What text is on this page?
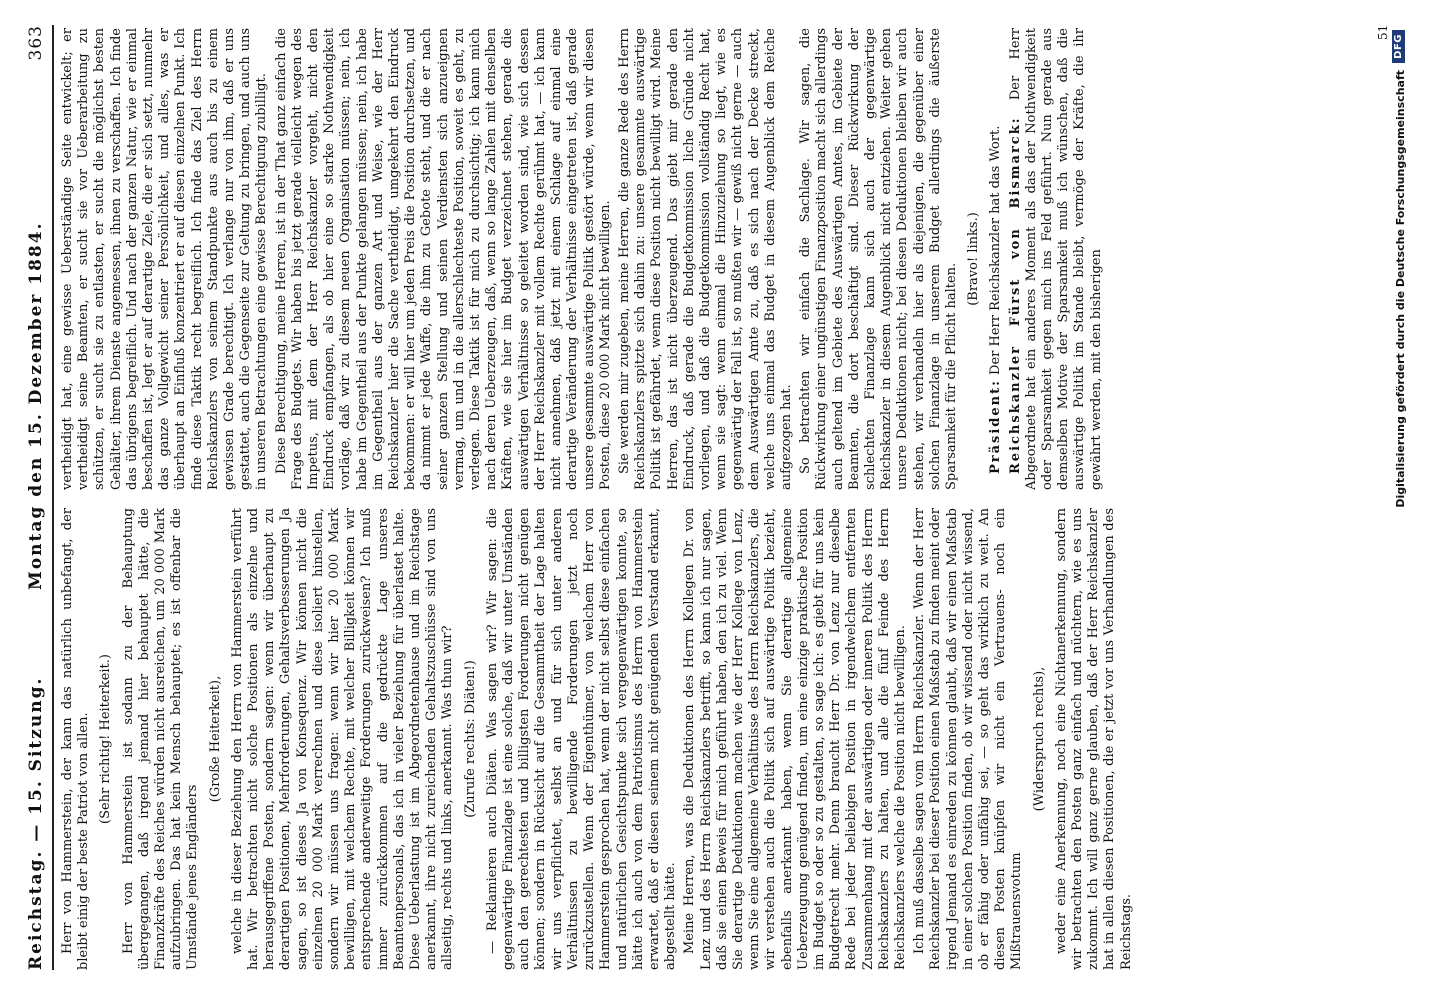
Reichstag. — 15. Sitzung.
Montag den 15. Dezember 1884.
363

Herr von Hammerstein, der kann das natürlich unbefangt, der bleibt einig der beste Patriot von allen. (Sehr richtig! Heiterkeit.) Herr von Hammerstein ist sodann zu der Behauptung übergegangen, daß irgend jemand hier behauptet hätte, die Finanzkräfte des Reiches würden nicht ausreichen, um 20 000 Mark aufzubringen. Das hat kein Mensch behauptet; es ist offenbar die Umstände jenes Engländers

(Große Heiterkeit), welche in dieser Beziehung den Herrn von Hammerstein verführt hat. Wir betrachten nicht solche Positionen als einzelne und herausgegriffene Posten, sondern sagen: wenn wir überhaupt zu derartigen Positionen, Mehrforderungen, Gehaltsverbesserungen Ja sagen, so ist dieses Ja von Konsequenz. Wir können nicht die einzelnen 20 000 Mark verrechnen und diese isoliert hinstellen, sondern wir müssen uns fragen: wenn wir hier 20 000 Mark bewilligen, mit welchem Rechte, mit welcher Billigkeit können wir entsprechende anderweitige Forderungen zurückweisen? Ich muß immer zurückkommen auf die gedrückte Lage unseres Beamtenpersonals, das ich in vieler Beziehung für überlastet halte. Diese Ueberlastung ist im Abgeordnetenhause und im Reichstage anerkannt, ihre nicht zureichenden Gehaltszuschüsse sind von uns allseitig, rechts und links, anerkannt. Was thun wir? (Zurufe rechts: Diäten!) — Reklamieren auch Diäten. Was sagen wir? Wir sagen: die gegenwärtige Finanzlage ist eine solche, daß wir unter Umständen auch den gerechtesten und billigsten Forderungen nicht genügen können; sondern in Rücksicht auf die Gesammtheit der Lage halten wir uns verpflichtet, selbst an und für sich unter anderen Verhältnissen zu bewilligende Forderungen jetzt noch zurückzustellen. Wenn der Eigenthümer, von welchem Herr von Hammerstein gesprochen hat, wenn der nicht selbst diese einfachen und natürlichen Gesichtspunkte sich vergegenwärtigen konnte, so hätte ich auch von dem Patriotismus des Herrn von Hammerstein erwartet, daß er diesen seinem nicht genügenden Verstand erkannt, abgestellt hätte. Meine Herren, was die Deduktionen des Herrn Kollegen Dr. von Lenz und des Herrn Reichskanzlers betrifft, so kann ich nur sagen, daß sie einen Beweis für mich geführt haben, den ich zu viel. Wenn Sie derartige Deduktionen machen wie der Herr Kollege von Lenz, wenn Sie eine allgemeine Verhältnisse des Herrn Reichskanzlers, die wir verstehen auch die Politik sich auf auswärtige Politik bezieht, ebenfalls anerkannt haben, wenn Sie derartige allgemeine Ueberzeugung genügend finden, um eine einzige praktische Position im Budget so oder so zu gestalten, so sage ich: es giebt für uns kein Budgetrecht mehr. Denn braucht Herr Dr. von Lenz nur dieselbe Rede bei jeder beliebigen Position in irgendwelchem entfernten Zusammenhang mit der auswärtigen oder inneren Politik des Herrn Reichskanzlers zu halten, und alle die fünf Feinde des Herrn Reichskanzlers welche die Position nicht bewilligen. Ich muß dasselbe sagen vom Herrn Reichskanzler. Wenn der Herr Reichskanzler bei dieser Position einen Maßstab zu finden meint oder irgend Jemand es einreden zu können glaubt, daß wir einen Maßstab in einer solchen Position finden, ob wir wissend oder nicht wissend, ob er fähig oder unfähig sei, — so geht das wirklich zu weit. An diesen Posten knüpfen wir nicht ein Vertrauens- noch ein Mißtrauensvotum

(Widerspruch rechts), weder eine Anerkennung, noch eine Nichtanerkennung, sondern wir betrachten den Posten ganz einfach und nüchtern, wie es uns zukommt. Ich will ganz gerne glauben, daß der Herr Reichskanzler hat in allen diesen Positionen, die er jetzt vor uns Verhandlungen des Reichstags.

vertheidigt hat, eine gewisse Ueberständige Seite entwickelt; er vertheidigt seine Beamten, er sucht sie vor Ueberarbeitung zu schützen, er sucht sie zu entlasten, er sucht die möglichst besten Gehälter, ihrem Dienste angemessen, ihnen zu verschaffen. Ich finde das übrigens begreiflich. Und nach der ganzen Natur, wie er einmal beschaffen ist, legt er auf derartige Ziele, die er sich setzt, nunmehr das ganze Vollgewicht seiner Persönlichkeit, und alles, was er überhaupt an Einfluß konzentriert er auf diesen einzelnen Punkt. Ich finde diese Taktik recht begreiflich. Ich finde das Ziel des Herrn Reichskanzlers von seinem Standpunkte aus auch bis zu einem gewissen Grade berechtigt. Ich verlange nur von ihm, daß er uns gestattet, auch die Gegenseite zur Geltung zu bringen, und auch uns in unseren Betrachtungen eine gewisse Berechtigung zubilligt. Diese Berechtigung, meine Herren, ist in der That ganz einfach die Frage des Budgets. Wir haben bis jetzt gerade vielleicht wegen des Impetus, mit dem der Herr Reichskanzler vorgeht, nicht den Eindruck empfangen, als ob hier eine so starke Nothwendigkeit vorläge, daß wir zu diesem neuen Organisation müssen; nein, ich habe im Gegentheil aus der Punkte gelangen müssen; nein, ich habe im Gegentheil aus der ganzen Art und Weise, wie der Herr Reichskanzler hier die Sache vertheidigt, umgekehrt den Eindruck bekommen: er will hier um jeden Preis die Position durchsetzen, und da nimmt er jede Waffe, die ihm zu Gebote steht, und die er nach seiner ganzen Stellung und seinen Verdiensten sich anzueignen vermag, um und in die allerschlechteste Position, soweit es geht, zu verlegen. Diese Taktik ist für mich zu durchsichtig; ich kann mich nach deren Ueberzeugen, daß, wenn so lange Zahlen mit denselben Kräften, wie sie hier im Budget verzeichnet stehen, gerade die auswärtigen Verhältnisse so geleitet worden sind, wie sich dessen der Herr Reichskanzler mit vollem Rechte gerühmt hat, — ich kann nicht annehmen, daß jetzt mit einem Schlage auf einmal eine derartige Veränderung der Verhältnisse eingetreten ist, daß gerade unsere gesammte auswärtige Politik gestört würde, wenn wir diesen Posten, diese 20 000 Mark nicht bewilligen. Sie werden mir zugeben, meine Herren, die ganze Rede des Herrn Reichskanzlers spitzte sich dahin zu: unsere gesammte auswärtige Politik ist gefährdet, wenn diese Position nicht bewilligt wird. Meine Herren, das ist nicht überzeugend. Das giebt mir gerade den Eindruck, daß gerade die Budgetkommission liche Gründe nicht vorliegen, und daß die Budgetkommission vollständig Recht hat, wenn sie sagt: wenn einmal die Hinzuziehung so liegt, wie es gegenwärtig der Fall ist, so mußten wir — gewiß nicht gerne — auch dem Auswärtigen Amte zu, daß es sich nach der Decke streckt, welche uns einmal das Budget in diesem Augenblick dem Reiche aufgezogen hat. So betrachten wir einfach die Sachlage. Wir sagen, die Rückwirkung einer ungünstigen Finanzposition macht sich allerdings auch geltend im Gebiete des Auswärtigen Amtes, im Gebiete der Beamten, die dort beschäftigt sind. Dieser Rückwirkung der schlechten Finanzlage kann sich auch der gegenwärtige Reichskanzler in diesem Augenblick nicht entziehen. Weiter gehen unsere Deduktionen nicht; bei diesen Deduktionen bleiben wir auch stehen, wir verhandeln hier als diejenigen, die gegenüber einer solchen Finanzlage in unserem Budget allerdings die äußerste Sparsamkeit für die Pflicht halten.

(Bravo! links.)

Präsident: Der Herr Reichskanzler hat das Wort. Reichskanzler Fürst von Bismarck: Der Herr Abgeordnete hat ein anderes Moment als das der Nothwendigkeit oder Sparsamkeit gegen mich ins Feld geführt. Nun gerade aus demselben Motive der Sparsamkeit muß ich wünschen, daß die auswärtige Politik im Stande bleibt, vermöge der Kräfte, die ihr gewährt werden, mit den bisherigen

51
Digitalisierung gefördert durch die Deutsche Forschungsgemeinschaft
DFG
